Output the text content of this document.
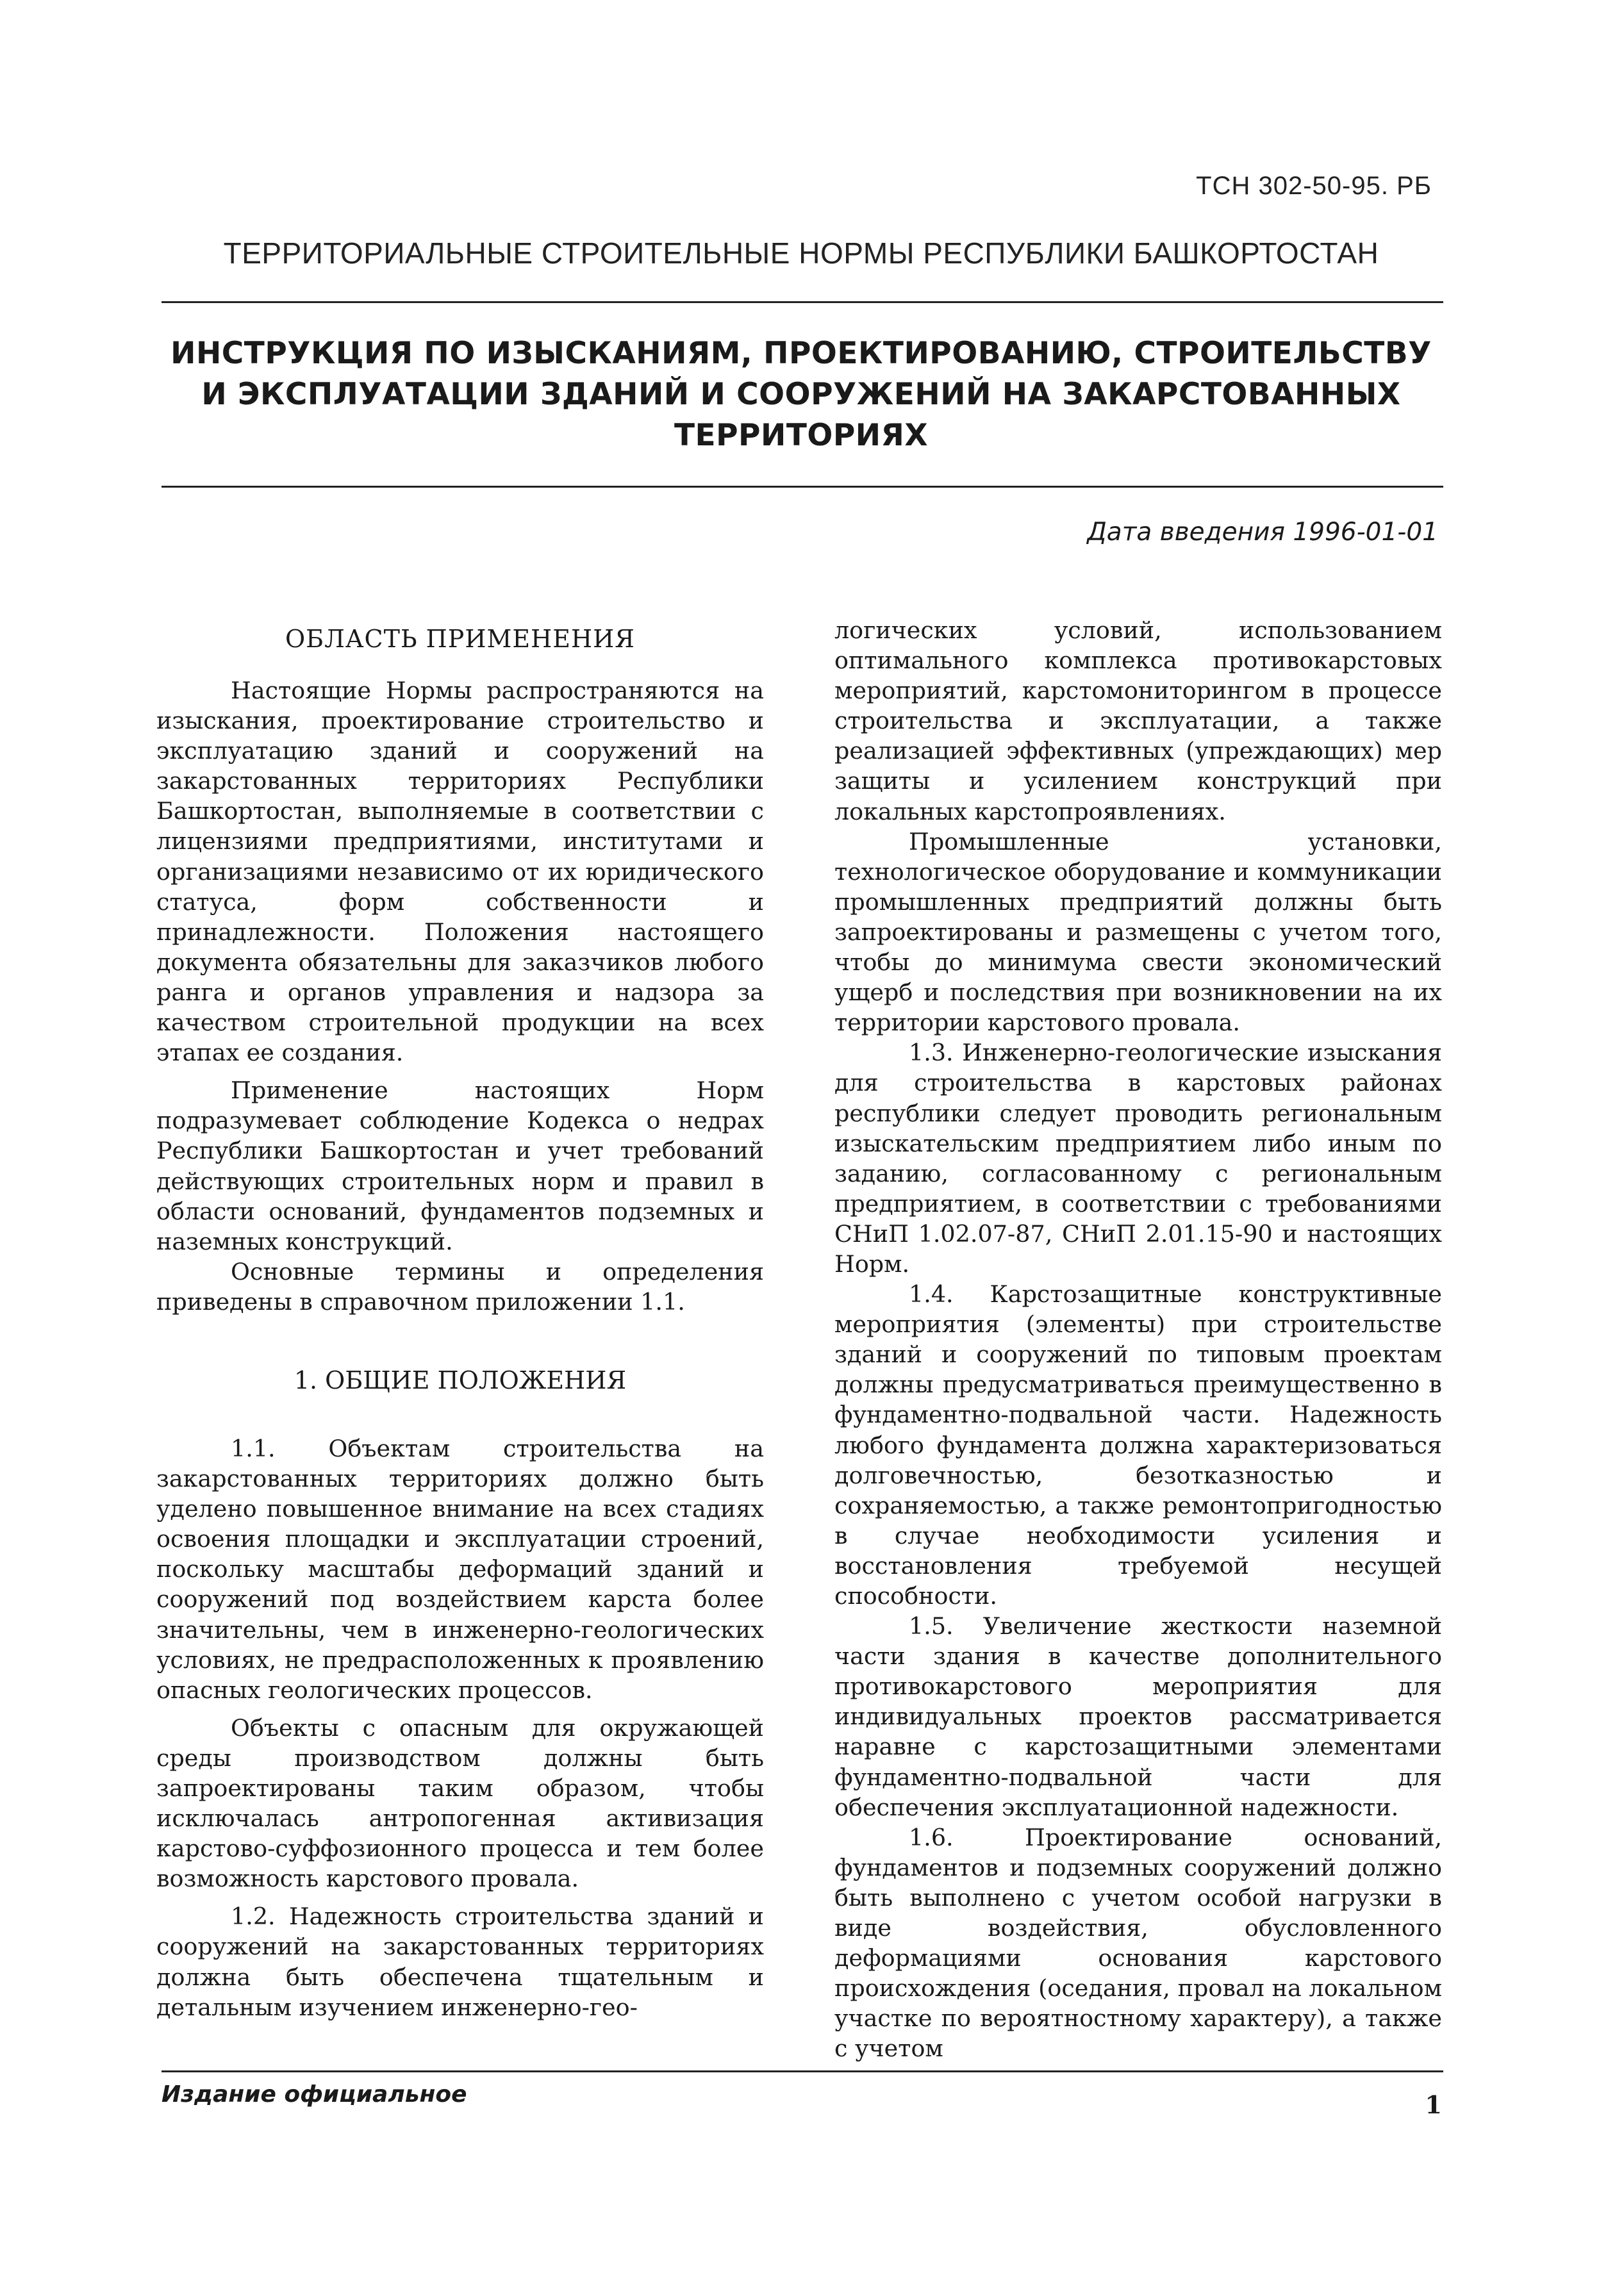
ТСН 302-50-95. РБ
ТЕРРИТОРИАЛЬНЫЕ СТРОИТЕЛЬНЫЕ НОРМЫ РЕСПУБЛИКИ БАШКОРТОСТАН
ИНСТРУКЦИЯ ПО ИЗЫСКАНИЯМ, ПРОЕКТИРОВАНИЮ, СТРОИТЕЛЬСТВУ
И ЭКСПЛУАТАЦИИ ЗДАНИЙ И СООРУЖЕНИЙ НА ЗАКАРСТОВАННЫХ
ТЕРРИТОРИЯХ
Дата введения 1996-01-01
ОБЛАСТЬ ПРИМЕНЕНИЯ

Настоящие Нормы распространяются на изыскания, проектирование строительство и эксплуатацию зданий и сооружений на закарстованных территориях Республики Башкортостан, выполняемые в соответствии с лицензиями предприятиями, институтами и организациями независимо от их юридического статуса, форм собственности и принадлежности. Положения настоящего документа обязательны для заказчиков любого ранга и органов управления и надзора за качеством строительной продукции на всех этапах ее создания.

Применение настоящих Норм подразумевает соблюдение Кодекса о недрах Республики Башкортостан и учет требований действующих строительных норм и правил в области оснований, фундаментов подземных и наземных конструкций.

Основные термины и определения приведены в справочном приложении 1.1.

1. ОБЩИЕ ПОЛОЖЕНИЯ

1.1. Объектам строительства на закарстованных территориях должно быть уделено повышенное внимание на всех стадиях освоения площадки и эксплуатации строений, поскольку масштабы деформаций зданий и сооружений под воздействием карста более значительны, чем в инженерно-геологических условиях, не предрасположенных к проявлению опасных геологических процессов.

Объекты с опасным для окружающей среды производством должны быть запроектированы таким образом, чтобы исключалась антропогенная активизация карстово-суффозионного процесса и тем более возможность карстового провала.

1.2. Надежность строительства зданий и сооружений на закарстованных территориях должна быть обеспечена тщательным и детальным изучением инженерно-гео-

логических условий, использованием оптимального комплекса противокарстовых мероприятий, карстомониторингом в процессе строительства и эксплуатации, а также реализацией эффективных (упреждающих) мер защиты и усилением конструкций при локальных карстопроявлениях.

Промышленные установки, технологическое оборудование и коммуникации промышленных предприятий должны быть запроектированы и размещены с учетом того, чтобы до минимума свести экономический ущерб и последствия при возникновении на их территории карстового провала.

1.3. Инженерно-геологические изыскания для строительства в карстовых районах республики следует проводить региональным изыскательским предприятием либо иным по заданию, согласованному с региональным предприятием, в соответствии с требованиями СНиП 1.02.07-87, СНиП 2.01.15-90 и настоящих Норм.

1.4. Карстозащитные конструктивные мероприятия (элементы) при строительстве зданий и сооружений по типовым проектам должны предусматриваться преимущественно в фундаментно-подвальной части. Надежность любого фундамента должна характеризоваться долговечностью, безотказностью и сохраняемостью, а также ремонтопригодностью в случае необходимости усиления и восстановления требуемой несущей способности.

1.5. Увеличение жесткости наземной части здания в качестве дополнительного противокарстового мероприятия для индивидуальных проектов рассматривается наравне с карстозащитными элементами фундаментно-подвальной части для обеспечения эксплуатационной надежности.

1.6. Проектирование оснований, фундаментов и подземных сооружений должно быть выполнено с учетом особой нагрузки в виде воздействия, обусловленного деформациями основания карстового происхождения (оседания, провал на локальном участке по вероятностному характеру), а также с учетом

Издание официальное	1
